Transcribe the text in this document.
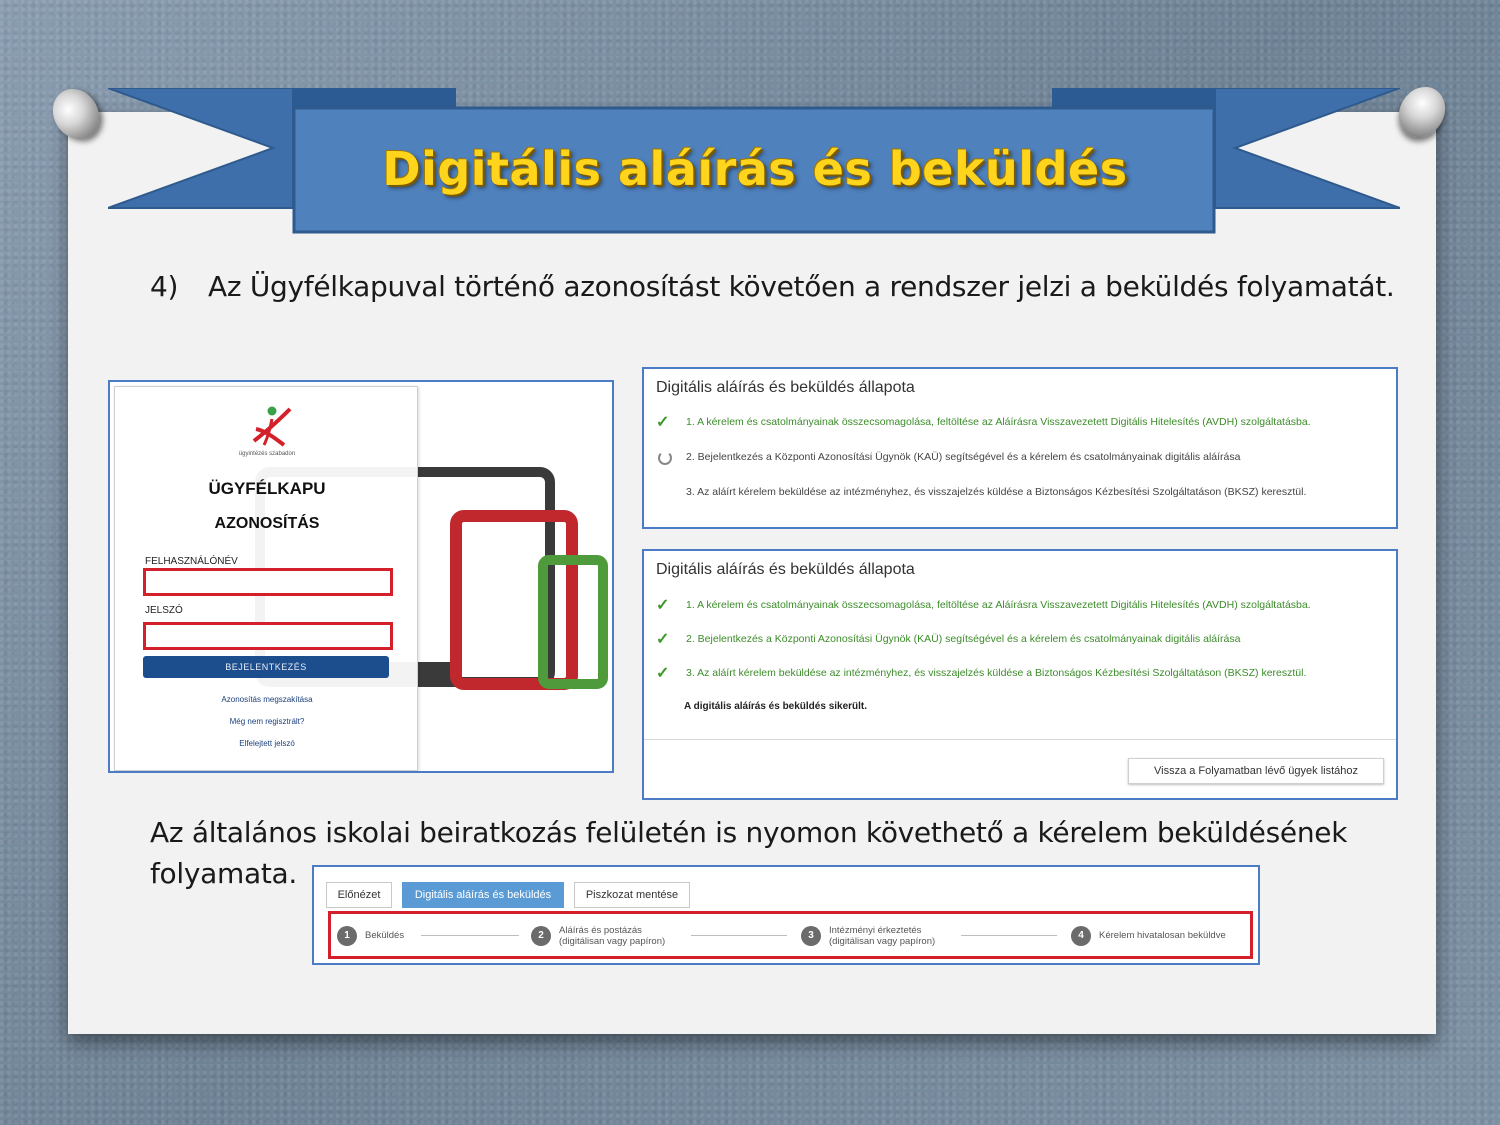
Digitális aláírás és beküldés
4) Az Ügyfélkapuval történő azonosítást követően a rendszer jelzi a beküldés folyamatát.
ügyintézés szabadon
ÜGYFÉLKAPU
AZONOSÍTÁS
FELHASZNÁLÓNÉV
JELSZÓ
BEJELENTKEZÉS
Azonosítás megszakítása
Még nem regisztrált?
Elfelejtett jelszó
Digitális aláírás és beküldés állapota
✓	1. A kérelem és csatolmányainak összecsomagolása, feltöltése az Aláírásra Visszavezetett Digitális Hitelesítés (AVDH) szolgáltatásba.
2. Bejelentkezés a Központi Azonosítási Ügynök (KAÜ) segítségével és a kérelem és csatolmányainak digitális aláírása
3. Az aláírt kérelem beküldése az intézményhez, és visszajelzés küldése a Biztonságos Kézbesítési Szolgáltatáson (BKSZ) keresztül.
Digitális aláírás és beküldés állapota
✓	1. A kérelem és csatolmányainak összecsomagolása, feltöltése az Aláírásra Visszavezetett Digitális Hitelesítés (AVDH) szolgáltatásba.
✓	2. Bejelentkezés a Központi Azonosítási Ügynök (KAÜ) segítségével és a kérelem és csatolmányainak digitális aláírása
✓	3. Az aláírt kérelem beküldése az intézményhez, és visszajelzés küldése a Biztonságos Kézbesítési Szolgáltatáson (BKSZ) keresztül.
A digitális aláírás és beküldés sikerült.
Vissza a Folyamatban lévő ügyek listához
Az általános iskolai beiratkozás felületén is nyomon követhető a kérelem beküldésének folyamata.
Előnézet	Digitális aláírás és beküldés	Piszkozat mentése
1	Beküldés	2	Aláírás és postázás
(digitálisan vagy papíron)
3	Intézményi érkeztetés
(digitálisan vagy papíron)
4	Kérelem hivatalosan beküldve
